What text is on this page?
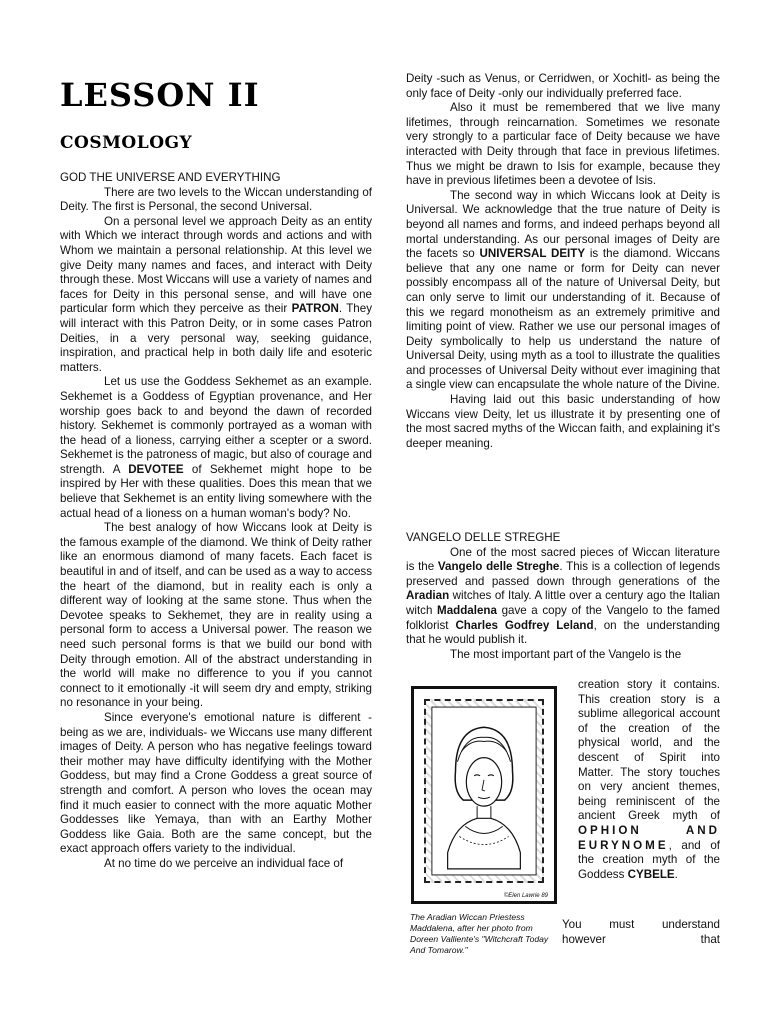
LESSON II
COSMOLOGY

GOD THE UNIVERSE AND EVERYTHING

There are two levels to the Wiccan understanding of Deity. The first is Personal, the second Universal.

On a personal level we approach Deity as an entity with Which we interact through words and actions and with Whom we maintain a personal relationship. At this level we give Deity many names and faces, and interact with Deity through these. Most Wiccans will use a variety of names and faces for Deity in this personal sense, and will have one particular form which they perceive as their PATRON. They will interact with this Patron Deity, or in some cases Patron Deities, in a very personal way, seeking guidance, inspiration, and practical help in both daily life and esoteric matters.

Let us use the Goddess Sekhemet as an example. Sekhemet is a Goddess of Egyptian provenance, and Her worship goes back to and beyond the dawn of recorded history. Sekhemet is commonly portrayed as a woman with the head of a lioness, carrying either a scepter or a sword. Sekhemet is the patroness of magic, but also of courage and strength. A DEVOTEE of Sekhemet might hope to be inspired by Her with these qualities. Does this mean that we believe that Sekhemet is an entity living somewhere with the actual head of a lioness on a human woman's body? No.

The best analogy of how Wiccans look at Deity is the famous example of the diamond. We think of Deity rather like an enormous diamond of many facets. Each facet is beautiful in and of itself, and can be used as a way to access the heart of the diamond, but in reality each is only a different way of looking at the same stone. Thus when the Devotee speaks to Sekhemet, they are in reality using a personal form to access a Universal power. The reason we need such personal forms is that we build our bond with Deity through emotion. All of the abstract understanding in the world will make no difference to you if you cannot connect to it emotionally -it will seem dry and empty, striking no resonance in your being.

Since everyone's emotional nature is different -being as we are, individuals- we Wiccans use many different images of Deity. A person who has negative feelings toward their mother may have difficulty identifying with the Mother Goddess, but may find a Crone Goddess a great source of strength and comfort. A person who loves the ocean may find it much easier to connect with the more aquatic Mother Goddesses like Yemaya, than with an Earthy Mother Goddess like Gaia. Both are the same concept, but the exact approach offers variety to the individual.

At no time do we perceive an individual face of

Deity -such as Venus, or Cerridwen, or Xochitl- as being the only face of Deity -only our individually preferred face.

Also it must be remembered that we live many lifetimes, through reincarnation. Sometimes we resonate very strongly to a particular face of Deity because we have interacted with Deity through that face in previous lifetimes. Thus we might be drawn to Isis for example, because they have in previous lifetimes been a devotee of Isis.

The second way in which Wiccans look at Deity is Universal. We acknowledge that the true nature of Deity is beyond all names and forms, and indeed perhaps beyond all mortal understanding. As our personal images of Deity are the facets so UNIVERSAL DEITY is the diamond. Wiccans believe that any one name or form for Deity can never possibly encompass all of the nature of Universal Deity, but can only serve to limit our understanding of it. Because of this we regard monotheism as an extremely primitive and limiting point of view. Rather we use our personal images of Deity symbolically to help us understand the nature of Universal Deity, using myth as a tool to illustrate the qualities and processes of Universal Deity without ever imagining that a single view can encapsulate the whole nature of the Divine.

Having laid out this basic understanding of how Wiccans view Deity, let us illustrate it by presenting one of the most sacred myths of the Wiccan faith, and explaining it's deeper meaning.

VANGELO DELLE STREGHE

One of the most sacred pieces of Wiccan literature is the Vangelo delle Streghe. This is a collection of legends preserved and passed down through generations of the Aradian witches of Italy. A little over a century ago the Italian witch Maddalena gave a copy of the Vangelo to the famed folklorist Charles Godfrey Leland, on the understanding that he would publish it.

The most important part of the Vangelo is the

creation story it contains. This creation story is a sublime allegorical account of the creation of the physical world, and the descent of Spirit into Matter. The story touches on very ancient themes, being reminiscent of the ancient Greek myth of OPHION AND EURYNOME, and of the creation myth of the Goddess CYBELE.
©Elen Lawrie 89
The Aradian Wiccan Priestess Maddalena, after her photo from Doreen Valliente's "Witchcraft Today And Tomarow."
You must understand however that
